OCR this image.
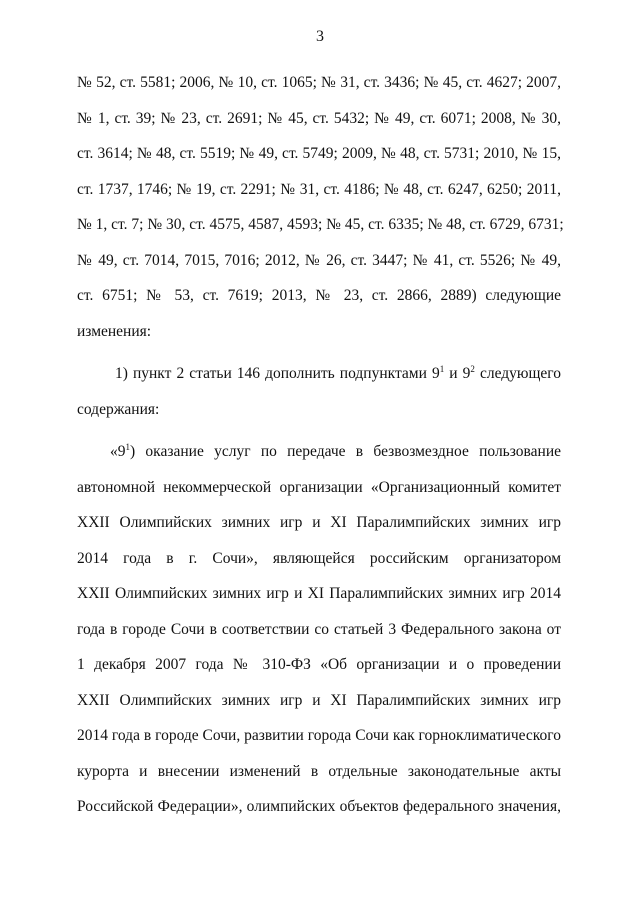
3
№ 52, ст. 5581; 2006, № 10, ст. 1065; № 31, ст. 3436; № 45, ст. 4627; 2007,
№ 1, ст. 39; № 23, ст. 2691; № 45, ст. 5432; № 49, ст. 6071; 2008, № 30,
ст. 3614; № 48, ст. 5519; № 49, ст. 5749; 2009, № 48, ст. 5731; 2010, № 15,
ст. 1737, 1746; № 19, ст. 2291; № 31, ст. 4186; № 48, ст. 6247, 6250; 2011,
№ 1, ст. 7; № 30, ст. 4575, 4587, 4593; № 45, ст. 6335; № 48, ст. 6729, 6731;
№ 49, ст. 7014, 7015, 7016; 2012, № 26, ст. 3447; № 41, ст. 5526; № 49,
ст. 6751; № 53, ст. 7619; 2013, № 23, ст. 2866, 2889) следующие
изменения:
1) пункт 2 статьи 146 дополнить подпунктами $9^1$ и $9^2$ следующего
содержания:
«$9^1$) оказание услуг по передаче в безвозмездное пользование
автономной некоммерческой организации «Организационный комитет
XXII Олимпийских зимних игр и XI Паралимпийских зимних игр
2014 года в г. Сочи», являющейся российским организатором
XXII Олимпийских зимних игр и XI Паралимпийских зимних игр 2014
года в городе Сочи в соответствии со статьей 3 Федерального закона от
1 декабря 2007 года № 310-ФЗ «Об организации и о проведении
XXII Олимпийских зимних игр и XI Паралимпийских зимних игр
2014 года в городе Сочи, развитии города Сочи как горноклиматического
курорта и внесении изменений в отдельные законодательные акты
Российской Федерации», олимпийских объектов федерального значения,
